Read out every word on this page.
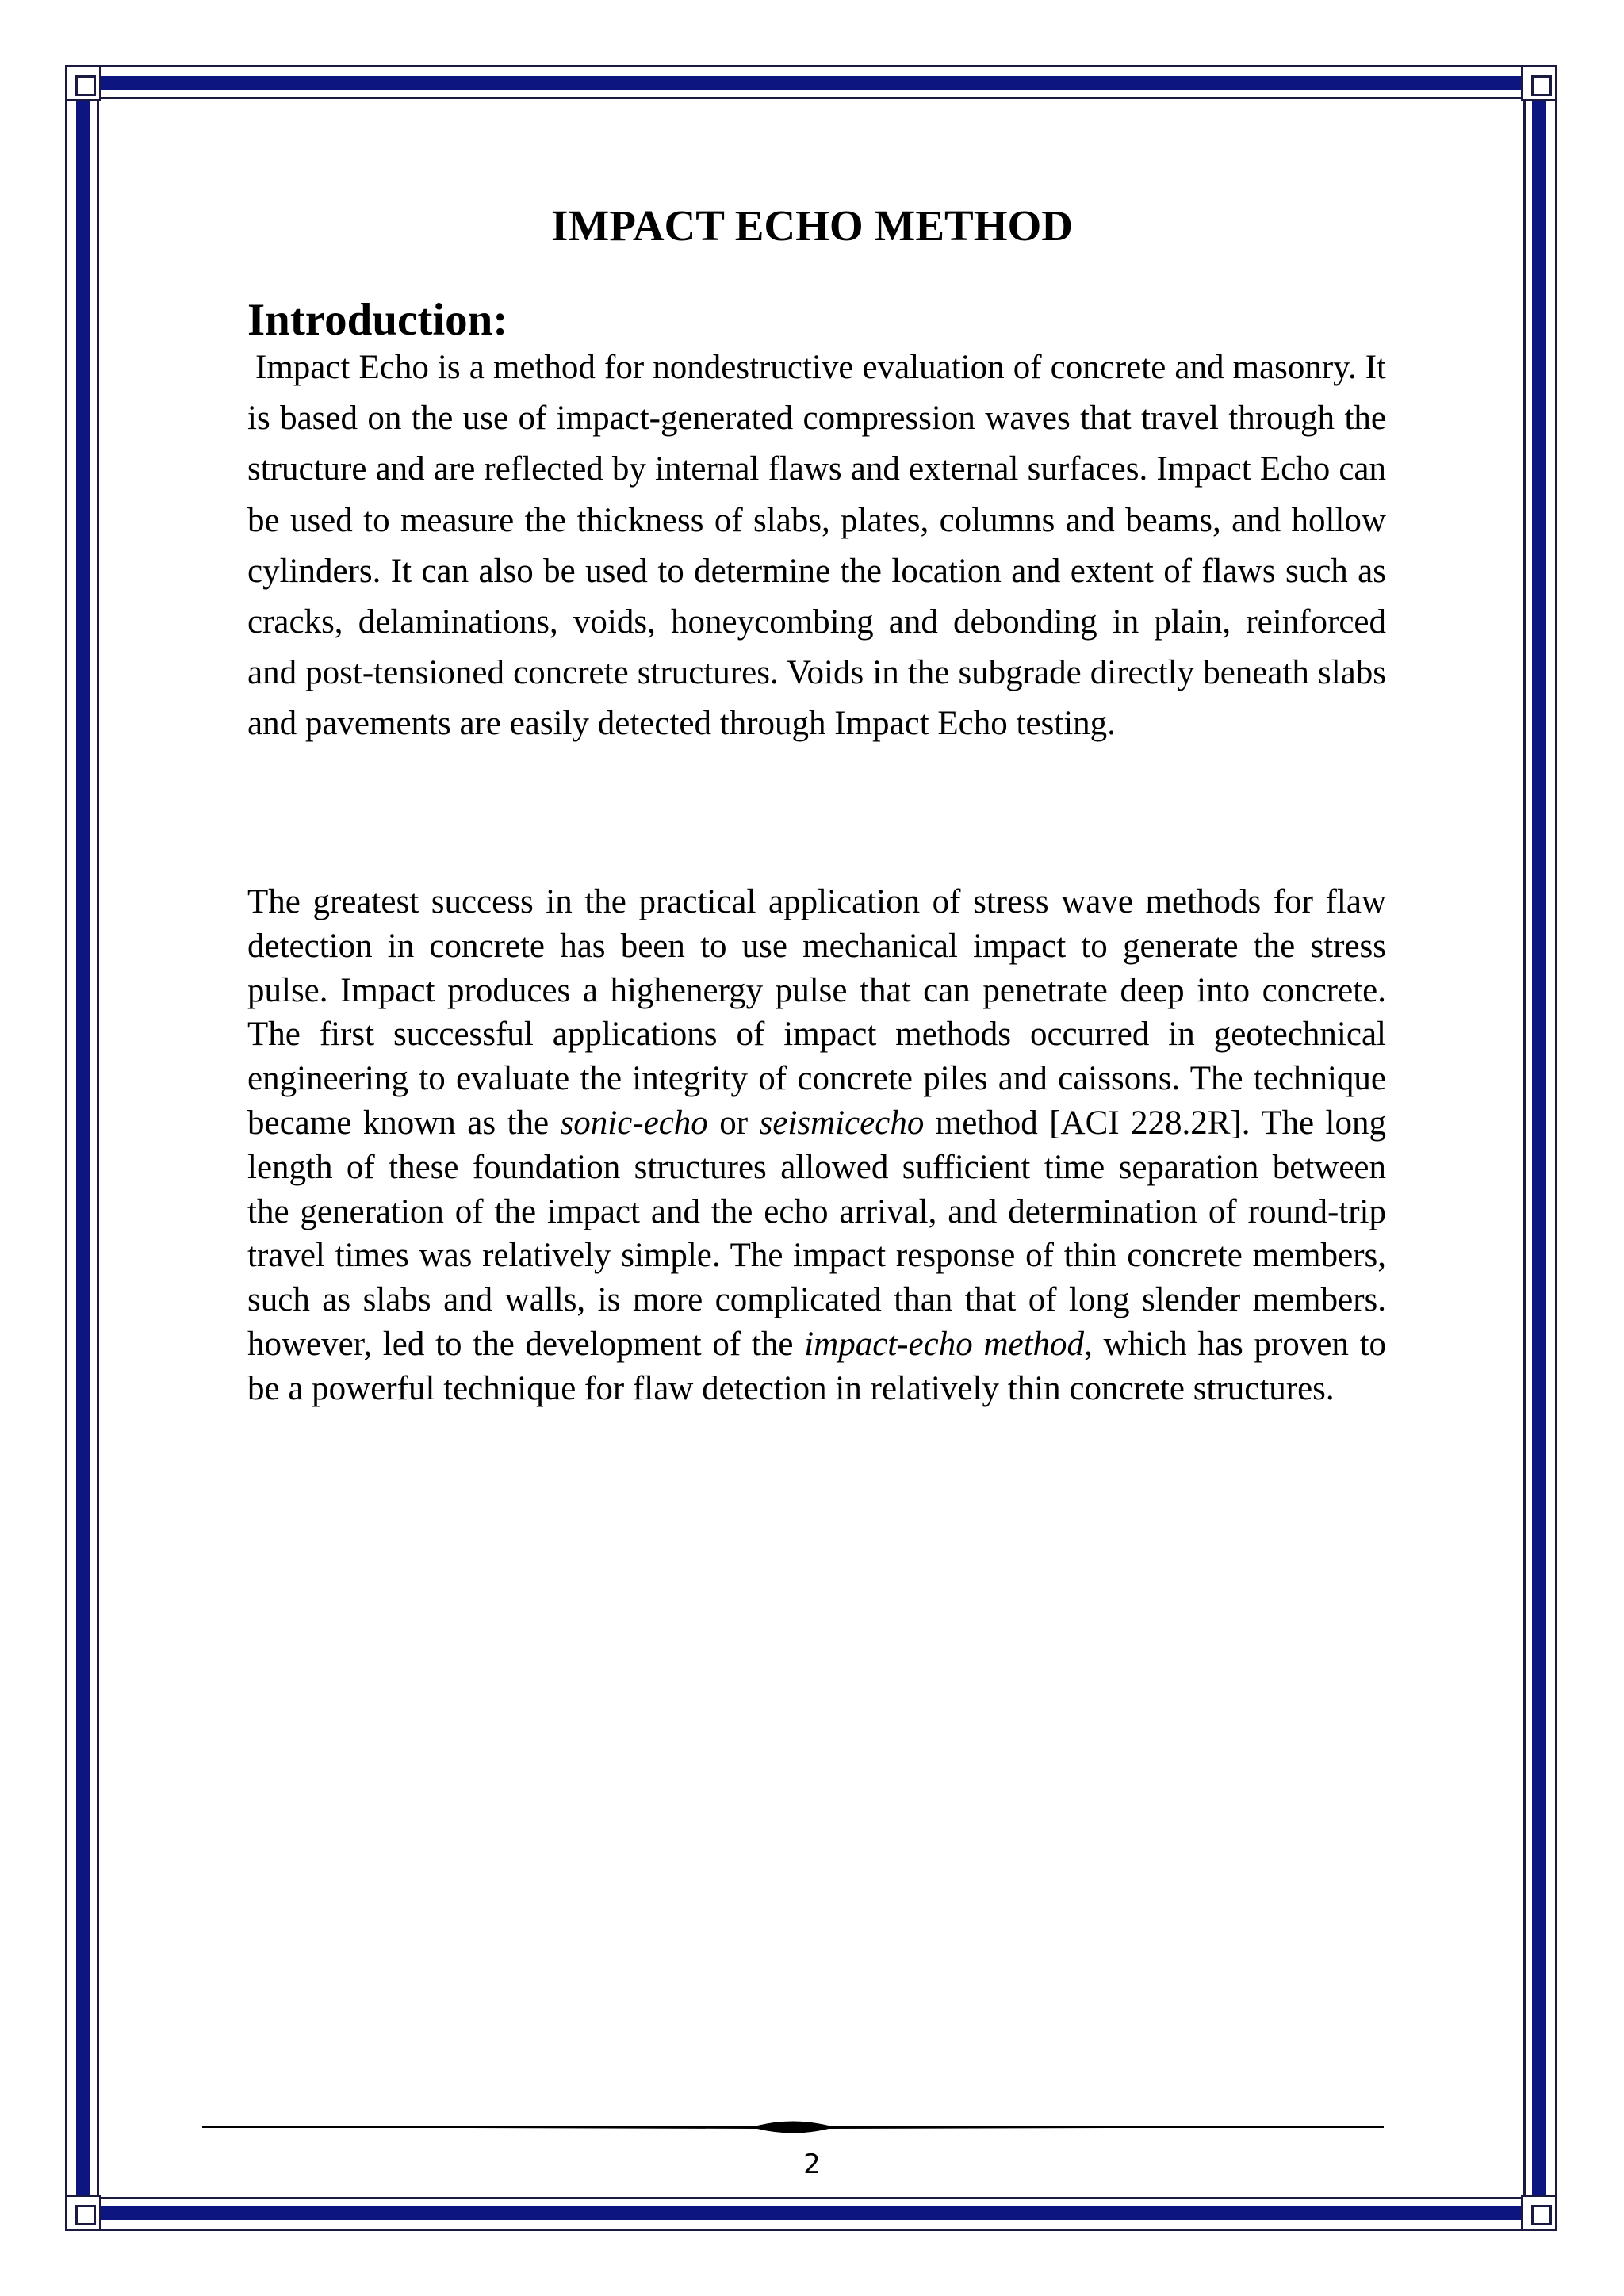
IMPACT ECHO METHOD
Introduction:

Impact Echo is a method for nondestructive evaluation of concrete and masonry. It is based on the use of impact-generated compression waves that travel through the structure and are reflected by internal flaws and external surfaces. Impact Echo can be used to measure the thickness of slabs, plates, columns and beams, and hollow cylinders. It can also be used to determine the location and extent of flaws such as cracks, delaminations, voids, honeycombing and debonding in plain, reinforced and post-tensioned concrete structures. Voids in the subgrade directly beneath slabs and pavements are easily detected through Impact Echo testing.

The greatest success in the practical application of stress wave methods for flaw detection in concrete has been to use mechanical impact to generate the stress pulse. Impact produces a highenergy pulse that can penetrate deep into concrete. The first successful applications of impact methods occurred in geotechnical engineering to evaluate the integrity of concrete piles and caissons. The technique became known as the sonic-echo or seismicecho method [ACI 228.2R]. The long length of these foundation structures allowed sufficient time separation between the generation of the impact and the echo arrival, and determination of round-trip travel times was relatively simple. The impact response of thin concrete members, such as slabs and walls, is more complicated than that of long slender members. however, led to the development of the impact-echo method, which has proven to be a powerful technique for flaw detection in relatively thin concrete structures.

2
